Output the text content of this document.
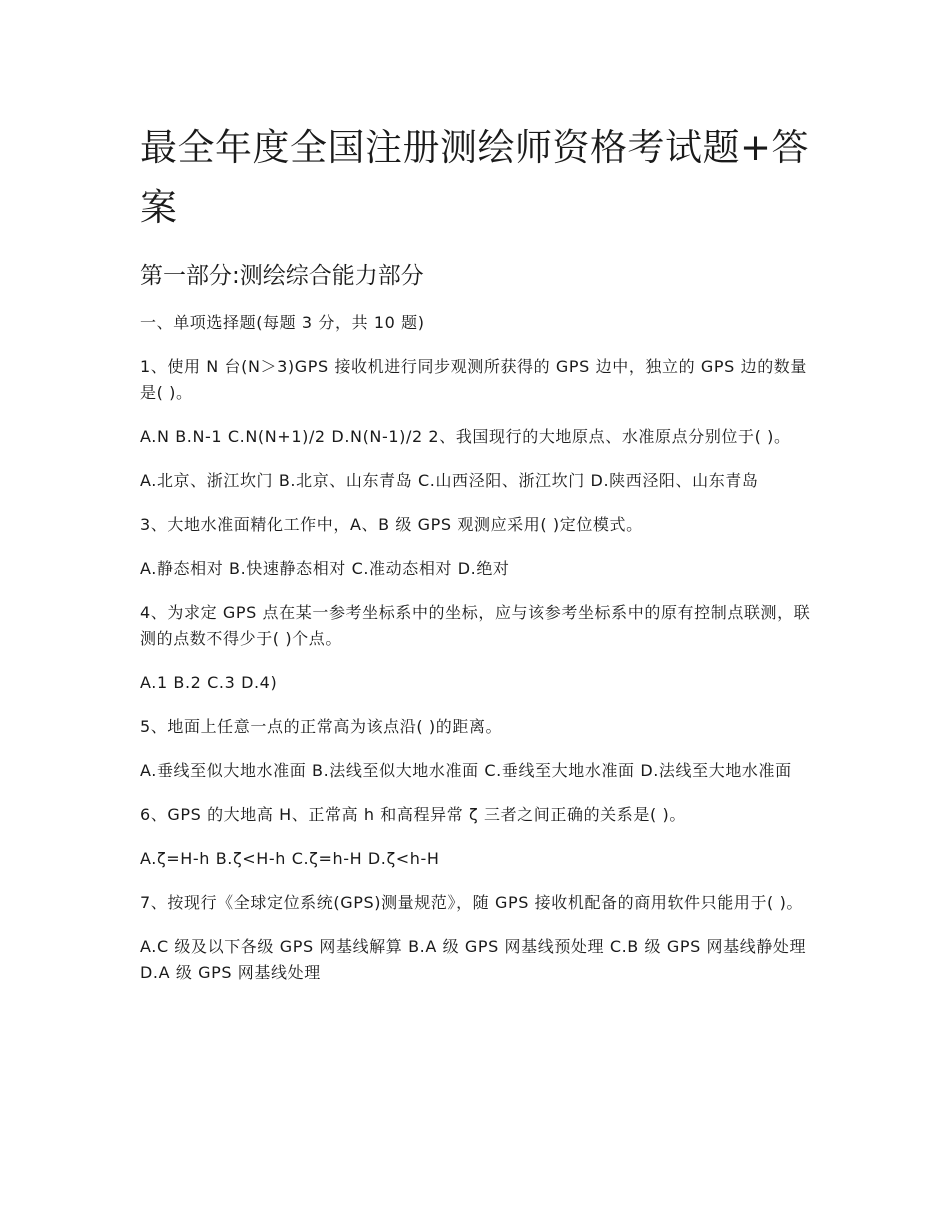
最全年度全国注册测绘师资格考试题+答案
第一部分:测绘综合能力部分

一、单项选择题(每题 3 分，共 10 题)

1、使用 N 台(N＞3)GPS 接收机进行同步观测所获得的 GPS 边中，独立的 GPS 边的数量是( )。

A.N B.N-1 C.N(N+1)/2 D.N(N-1)/2 2、我国现行的大地原点、水准原点分别位于( )。

A.北京、浙江坎门 B.北京、山东青岛 C.山西泾阳、浙江坎门 D.陕西泾阳、山东青岛

3、大地水准面精化工作中，A、B 级 GPS 观测应采用( )定位模式。

A.静态相对 B.快速静态相对 C.准动态相对 D.绝对

4、为求定 GPS 点在某一参考坐标系中的坐标，应与该参考坐标系中的原有控制点联测，联测的点数不得少于( )个点。

A.1 B.2 C.3 D.4)

5、地面上任意一点的正常高为该点沿( )的距离。

A.垂线至似大地水准面 B.法线至似大地水准面 C.垂线至大地水准面 D.法线至大地水准面

6、GPS 的大地高 H、正常高 h 和高程异常 ζ 三者之间正确的关系是( )。

A.ζ=H-h B.ζ<H-h C.ζ=h-H D.ζ<h-H

7、按现行《全球定位系统(GPS)测量规范》，随 GPS 接收机配备的商用软件只能用于( )。

A.C 级及以下各级 GPS 网基线解算 B.A 级 GPS 网基线预处理 C.B 级 GPS 网基线静处理 D.A 级 GPS 网基线处理
